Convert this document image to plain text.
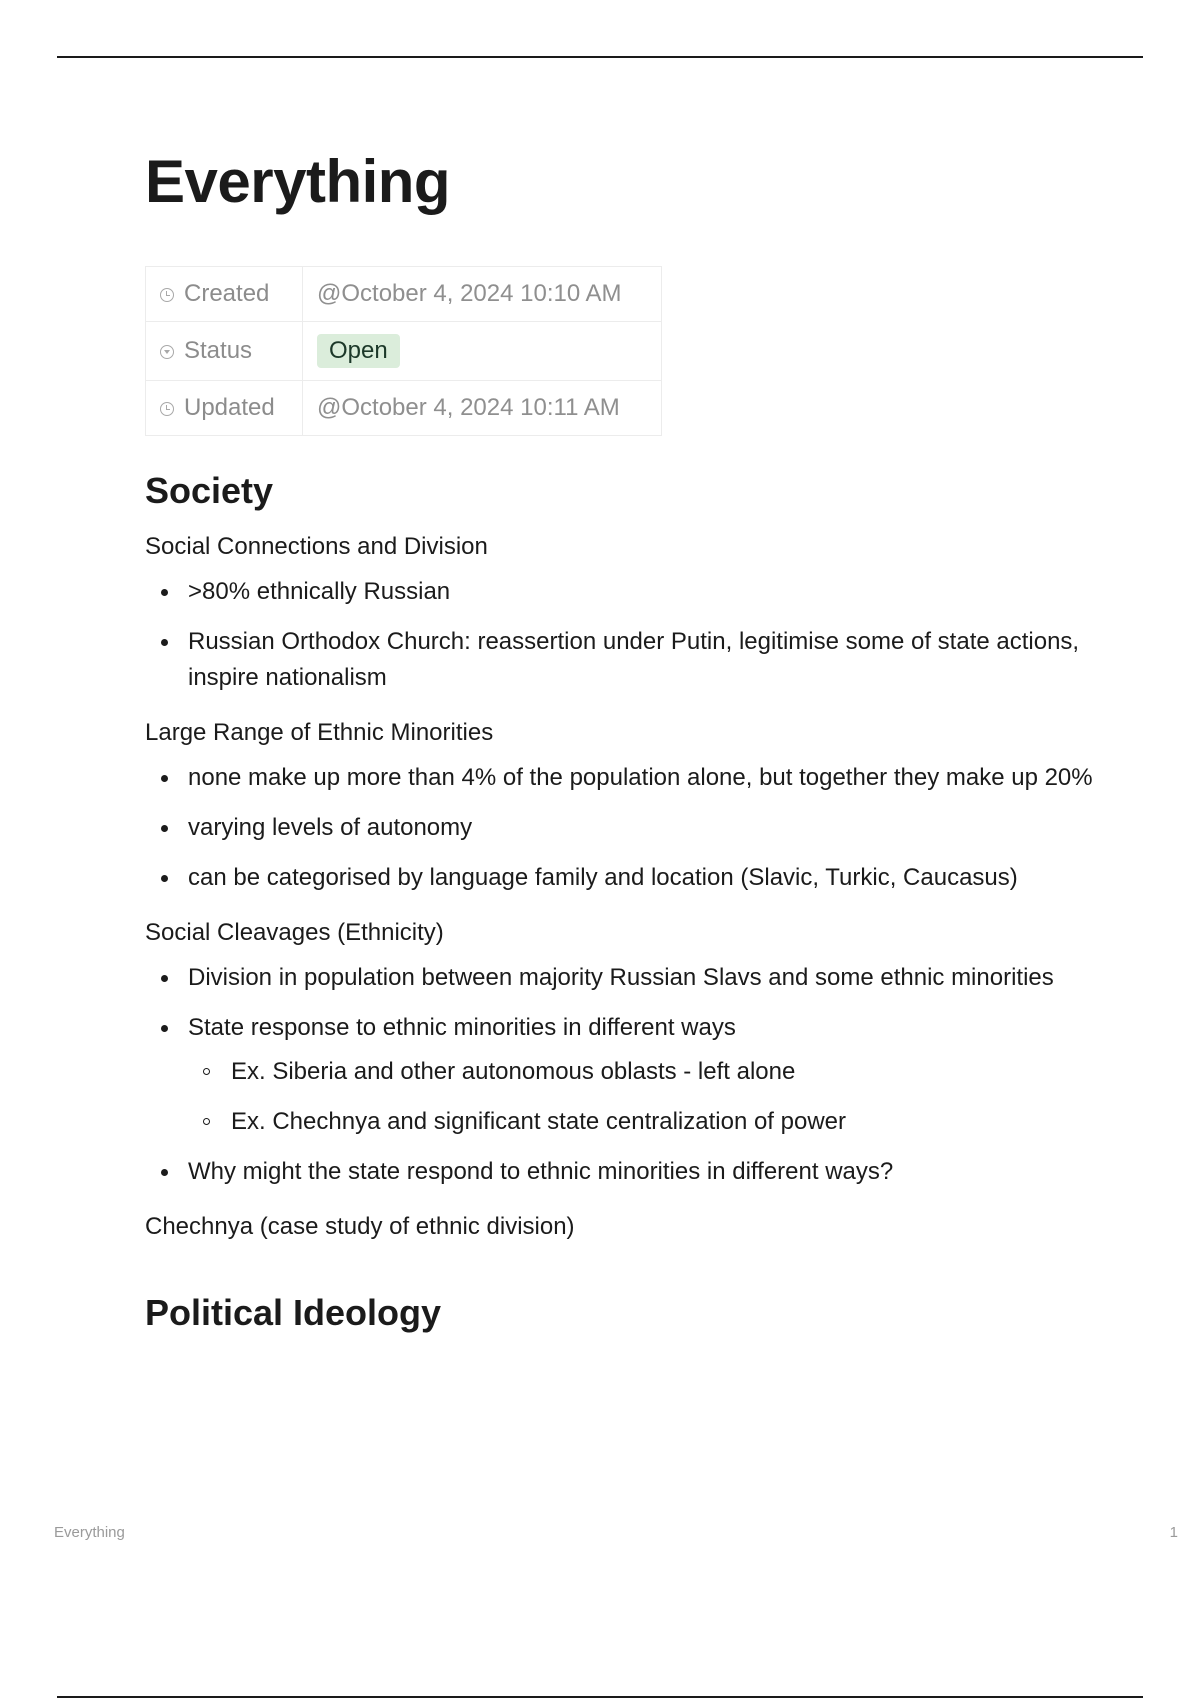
Everything
Created	@October 4, 2024 10:10 AM
Status	Open
Updated	@October 4, 2024 10:11 AM
Society

Social Connections and Division

>80% ethnically Russian
Russian Orthodox Church: reassertion under Putin, legitimise some of state actions, inspire nationalism

Large Range of Ethnic Minorities

none make up more than 4% of the population alone, but together they make up 20%
varying levels of autonomy
can be categorised by language family and location (Slavic, Turkic, Caucasus)

Social Cleavages (Ethnicity)

Division in population between majority Russian Slavs and some ethnic minorities
State response to ethnic minorities in different ways
Ex. Siberia and other autonomous oblasts - left alone
Ex. Chechnya and significant state centralization of power
Why might the state respond to ethnic minorities in different ways?

Chechnya (case study of ethnic division)

Political Ideology
Everything	1
